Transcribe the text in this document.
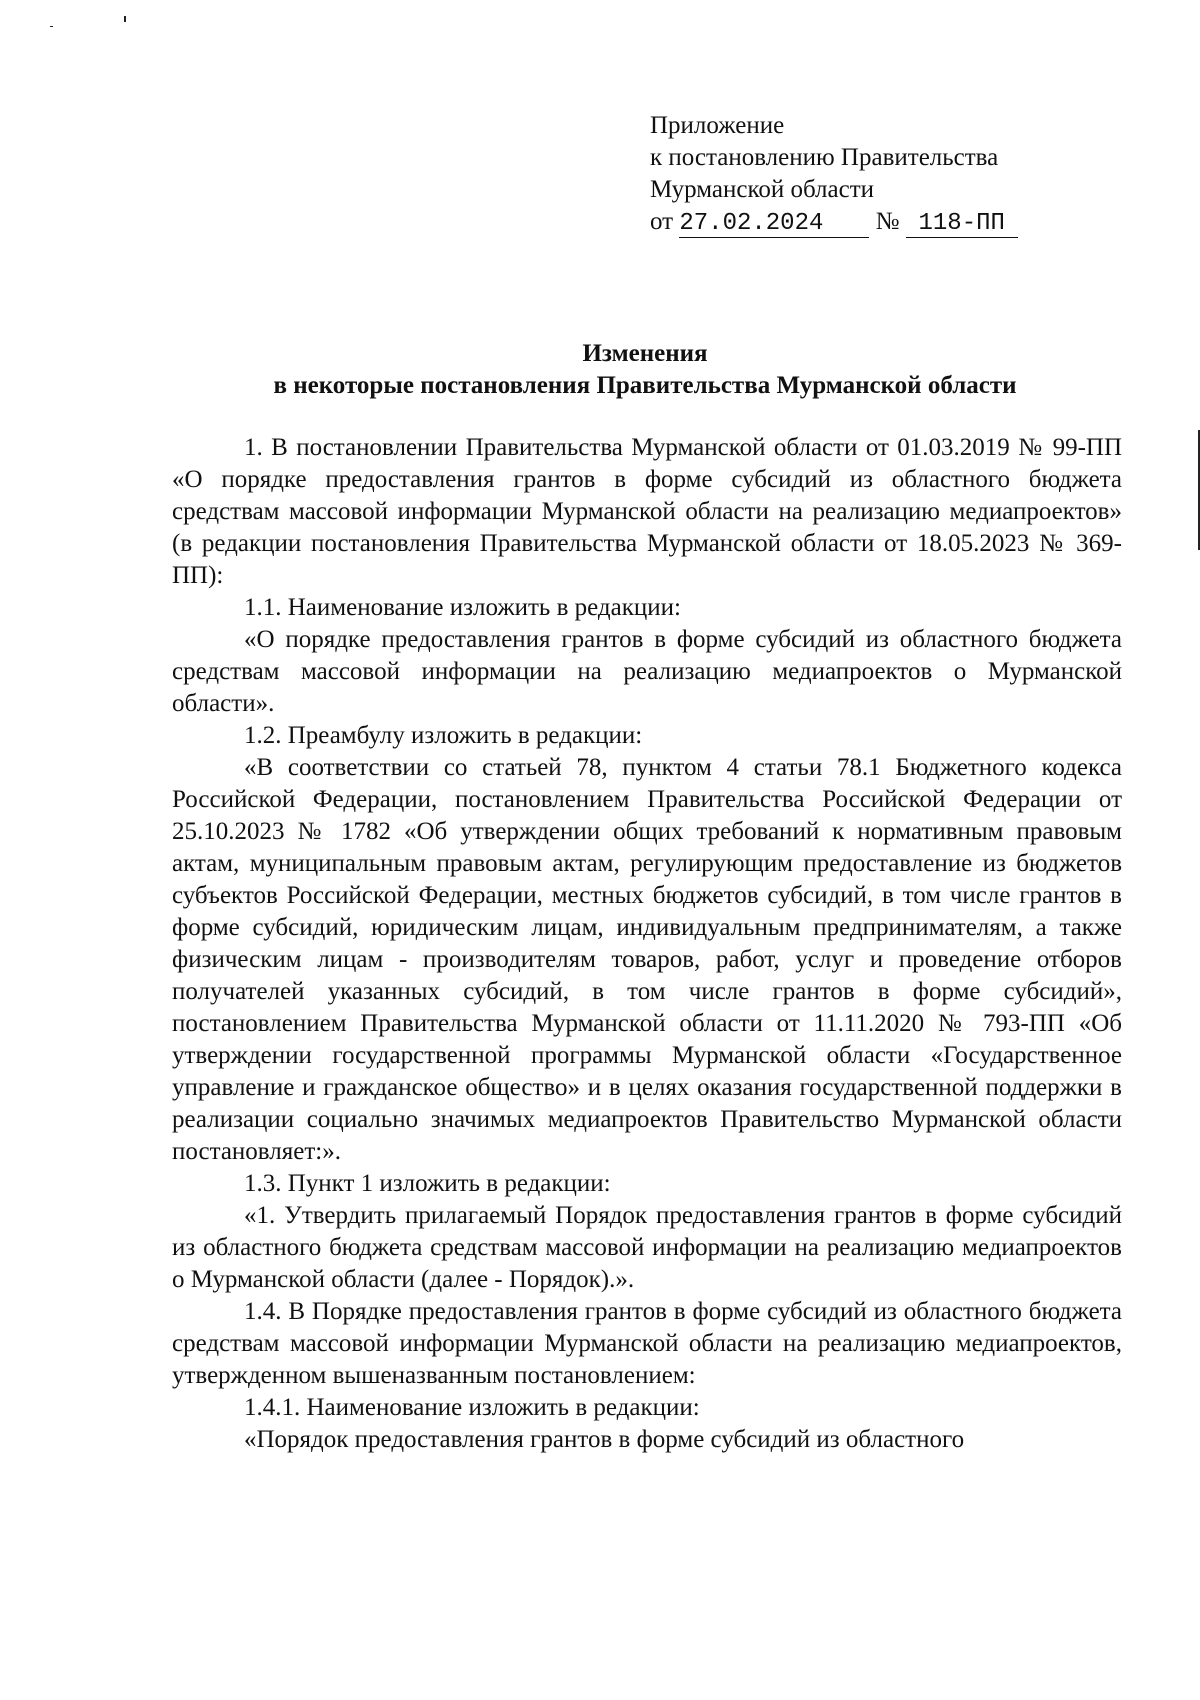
Приложение
к постановлению Правительства
Мурманской области
от 27.02.2024 № 118-ПП
Изменения
в некоторые постановления Правительства Мурманской области

1. В постановлении Правительства Мурманской области от 01.03.2019 № 99-ПП «О порядке предоставления грантов в форме субсидий из областного бюджета средствам массовой информации Мурманской области на реализацию медиапроектов» (в редакции постановления Правительства Мурманской области от 18.05.2023 № 369-ПП):

1.1. Наименование изложить в редакции:

«О порядке предоставления грантов в форме субсидий из областного бюджета средствам массовой информации на реализацию медиапроектов о Мурманской области».

1.2. Преамбулу изложить в редакции:

«В соответствии со статьей 78, пунктом 4 статьи 78.1 Бюджетного кодекса Российской Федерации, постановлением Правительства Российской Федерации от 25.10.2023 № 1782 «Об утверждении общих требований к нормативным правовым актам, муниципальным правовым актам, регулирующим предоставление из бюджетов субъектов Российской Федерации, местных бюджетов субсидий, в том числе грантов в форме субсидий, юридическим лицам, индивидуальным предпринимателям, а также физическим лицам - производителям товаров, работ, услуг и проведение отборов получателей указанных субсидий, в том числе грантов в форме субсидий», постановлением Правительства Мурманской области от 11.11.2020 № 793-ПП «Об утверждении государственной программы Мурманской области «Государственное управление и гражданское общество» и в целях оказания государственной поддержки в реализации социально значимых медиапроектов Правительство Мурманской области постановляет:».

1.3. Пункт 1 изложить в редакции:

«1. Утвердить прилагаемый Порядок предоставления грантов в форме субсидий из областного бюджета средствам массовой информации на реализацию медиапроектов о Мурманской области (далее - Порядок).».

1.4. В Порядке предоставления грантов в форме субсидий из областного бюджета средствам массовой информации Мурманской области на реализацию медиапроектов, утвержденном вышеназванным постановлением:

1.4.1. Наименование изложить в редакции:

«Порядок предоставления грантов в форме субсидий из областного
